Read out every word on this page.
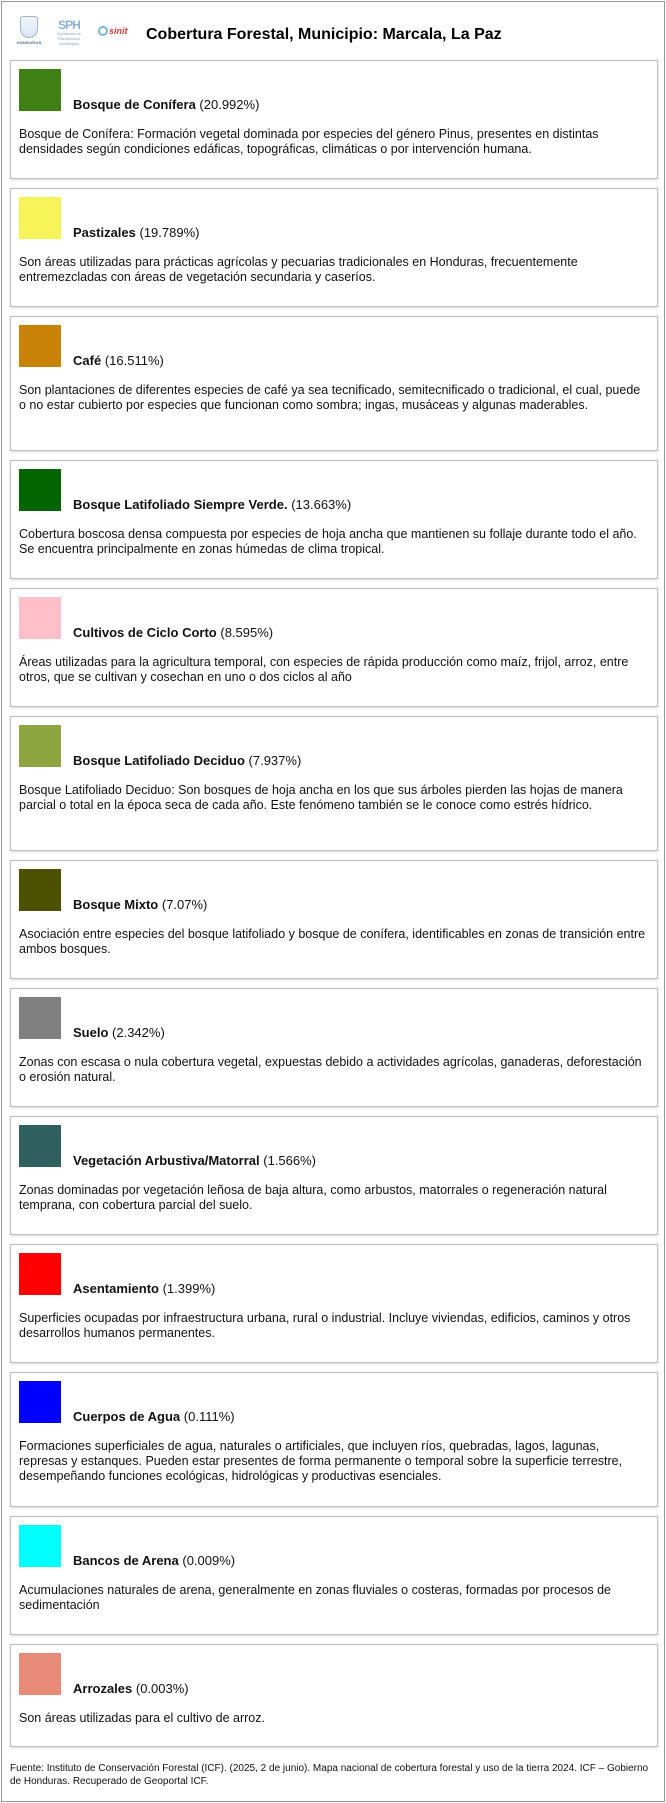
HONDURAS
SPH
Secretaría de Planificación Estratégica
sinit Cobertura Forestal, Municipio: Marcala, La Paz
Bosque de Conífera (20.992%)
Bosque de Conífera: Formación vegetal dominada por especies del género Pinus, presentes en distintas densidades según condiciones edáficas, topográficas, climáticas o por intervención humana.
Pastizales (19.789%)
Son áreas utilizadas para prácticas agrícolas y pecuarias tradicionales en Honduras, frecuentemente entremezcladas con áreas de vegetación secundaria y caseríos.
Café (16.511%)
Son plantaciones de diferentes especies de café ya sea tecnificado, semitecnificado o tradicional, el cual, puede o no estar cubierto por especies que funcionan como sombra; ingas, musáceas y algunas maderables.
Bosque Latifoliado Siempre Verde. (13.663%)
Cobertura boscosa densa compuesta por especies de hoja ancha que mantienen su follaje durante todo el año. Se encuentra principalmente en zonas húmedas de clima tropical.
Cultivos de Ciclo Corto (8.595%)
Áreas utilizadas para la agricultura temporal, con especies de rápida producción como maíz, frijol, arroz, entre otros, que se cultivan y cosechan en uno o dos ciclos al año
Bosque Latifoliado Deciduo (7.937%)
Bosque Latifoliado Deciduo: Son bosques de hoja ancha en los que sus árboles pierden las hojas de manera parcial o total en la época seca de cada año. Este fenómeno también se le conoce como estrés hídrico.
Bosque Mixto (7.07%)
Asociación entre especies del bosque latifoliado y bosque de conífera, identificables en zonas de transición entre ambos bosques.
Suelo (2.342%)
Zonas con escasa o nula cobertura vegetal, expuestas debido a actividades agrícolas, ganaderas, deforestación o erosión natural.
Vegetación Arbustiva/Matorral (1.566%)
Zonas dominadas por vegetación leñosa de baja altura, como arbustos, matorrales o regeneración natural temprana, con cobertura parcial del suelo.
Asentamiento (1.399%)
Superficies ocupadas por infraestructura urbana, rural o industrial. Incluye viviendas, edificios, caminos y otros desarrollos humanos permanentes.
Cuerpos de Agua (0.111%)
Formaciones superficiales de agua, naturales o artificiales, que incluyen ríos, quebradas, lagos, lagunas, represas y estanques. Pueden estar presentes de forma permanente o temporal sobre la superficie terrestre, desempeñando funciones ecológicas, hidrológicas y productivas esenciales.
Bancos de Arena (0.009%)
Acumulaciones naturales de arena, generalmente en zonas fluviales o costeras, formadas por procesos de sedimentación
Arrozales (0.003%)
Son áreas utilizadas para el cultivo de arroz.
Fuente: Instituto de Conservación Forestal (ICF). (2025, 2 de junio). Mapa nacional de cobertura forestal y uso de la tierra 2024. ICF – Gobierno de Honduras. Recuperado de Geoportal ICF.
